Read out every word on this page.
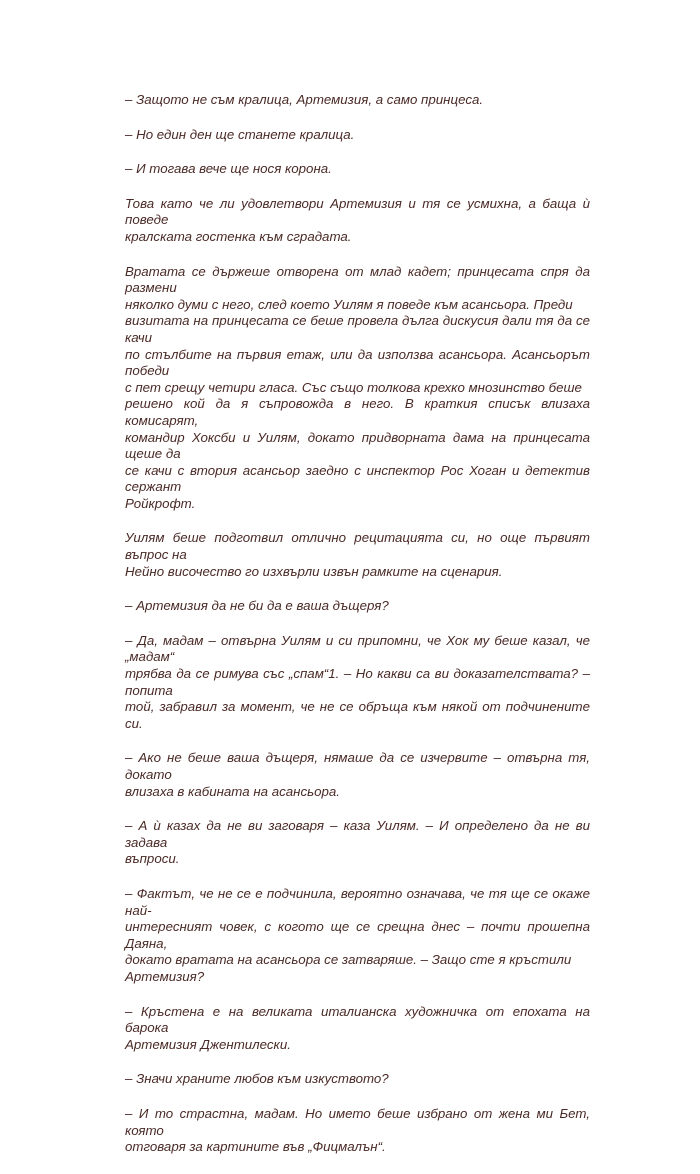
– Защото не съм кралица, Артемизия, а само принцеса.

– Но един ден ще станете кралица.

– И тогава вече ще нося корона.

Това като че ли удовлетвори Артемизия и тя се усмихна, а баща ѝ поведе
кралската гостенка към сградата.

Вратата се държеше отворена от млад кадет; принцесата спря да размени
няколко думи с него, след което Уилям я поведе към асансьора. Преди
визитата на принцесата се беше провела дълга дискусия дали тя да се качи
по стълбите на първия етаж, или да използва асансьора. Асансьорът победи
с пет срещу четири гласа. Със също толкова крехко мнозинство беше
решено кой да я съпровожда в него. В краткия списък влизаха комисарят,
командир Хоксби и Уилям, докато придворната дама на принцесата щеше да
се качи с втория асансьор заедно с инспектор Рос Хоган и детектив сержант
Ройкрофт.

Уилям беше подготвил отлично рецитацията си, но още първият въпрос на
Нейно височество го изхвърли извън рамките на сценария.

– Артемизия да не би да е ваша дъщеря?

– Да, мадам – отвърна Уилям и си припомни, че Хок му беше казал, че „мадам“
трябва да се римува със „спам“1. – Но какви са ви доказателствата? – попита
той, забравил за момент, че не се обръща към някой от подчинените си.

– Ако не беше ваша дъщеря, нямаше да се изчервите – отвърна тя, докато
влизаха в кабината на асансьора.

– А ѝ казах да не ви заговаря – каза Уилям. – И определено да не ви задава
въпроси.

– Фактът, че не се е подчинила, вероятно означава, че тя ще се окаже най-
интересният човек, с когото ще се срещна днес – почти прошепна Даяна,
докато вратата на асансьора се затваряше. – Защо сте я кръстили
Артемизия?

– Кръстена е на великата италианска художничка от епохата на барока
Артемизия Джентилески.

– Значи храните любов към изкуството?

– И то страстна, мадам. Но името беше избрано от жена ми Бет, която
отговаря за картините във „Фицмалън“.
